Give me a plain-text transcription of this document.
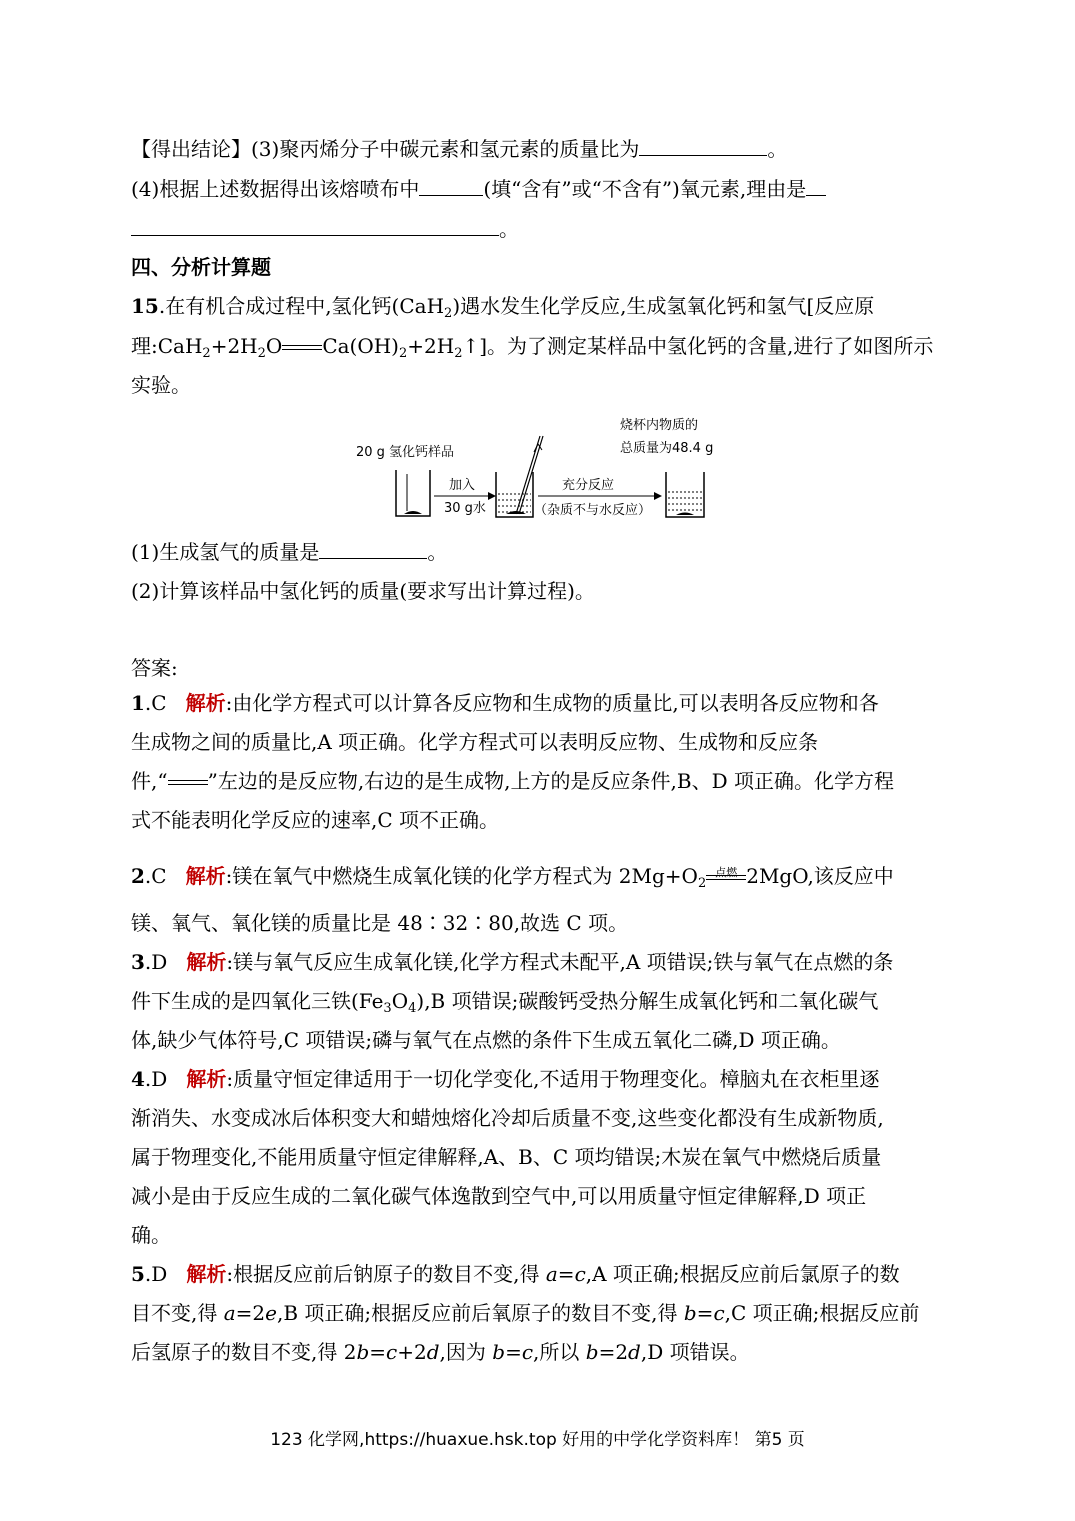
【得出结论】(3)聚丙烯分子中碳元素和氢元素的质量比为	。
(4)根据上述数据得出该熔喷布中	(填“含有”或“不含有”)氧元素,理由是
。
四、分析计算题
15.在有机合成过程中,氢化钙(CaH$_2$)遇水发生化学反应,生成氢氧化钙和氢气[反应原
理$:CaH_2+2H_2O$ $Ca(OH)_2+2H_2↑$]。为了测定某样品中氢化钙的含量,进行了如图所示
实验。
20 g 氢化钙样品
烧杯内物质的
总质量为48.4 g
加入
30 g水
充分反应
（杂质不与水反应）
(1)生成氢气的质量是	。
(2)计算该样品中氢化钙的质量(要求写出计算过程)。
答案:
1.C 解析:由化学方程式可以计算各反应物和生成物的质量比,可以表明各反应物和各
生成物之间的质量比,A 项正确。化学方程式可以表明反应物、生成物和反应条
件,“ ”左边的是反应物,右边的是生成物,上方的是反应条件,B、D 项正确。化学方程
式不能表明化学反应的速率,C 项不正确。
2.C 解析:镁在氧气中燃烧生成氧化镁的化学方程式为 $2Mg+O_2$
点燃 2MgO,该反应中
镁、氧气、氧化镁的质量比是 48∶32∶80,故选 C 项。
3.D 解析:镁与氧气反应生成氧化镁,化学方程式未配平,A 项错误;铁与氧气在点燃的条
件下生成的是四氧化三铁$(Fe_3O_4),B$ 项错误;碳酸钙受热分解生成氧化钙和二氧化碳气
体,缺少气体符号,C 项错误;磷与氧气在点燃的条件下生成五氧化二磷,D 项正确。
4.D 解析:质量守恒定律适用于一切化学变化,不适用于物理变化。樟脑丸在衣柜里逐
渐消失、水变成冰后体积变大和蜡烛熔化冷却后质量不变,这些变化都没有生成新物质,
属于物理变化,不能用质量守恒定律解释,A、B、C 项均错误;木炭在氧气中燃烧后质量
减小是由于反应生成的二氧化碳气体逸散到空气中,可以用质量守恒定律解释,D 项正
确。
5.D 解析:根据反应前后钠原子的数目不变,得 a=c,A 项正确;根据反应前后氯原子的数
目不变,得 a=2e,B 项正确;根据反应前后氧原子的数目不变,得 b=c,C 项正确;根据反应前
后氢原子的数目不变,得 2b=c+2d,因为 b=c,所以 b=2d,D 项错误。
123 化学网,https://huaxue.hsk.top 好用的中学化学资料库！ 第5 页
